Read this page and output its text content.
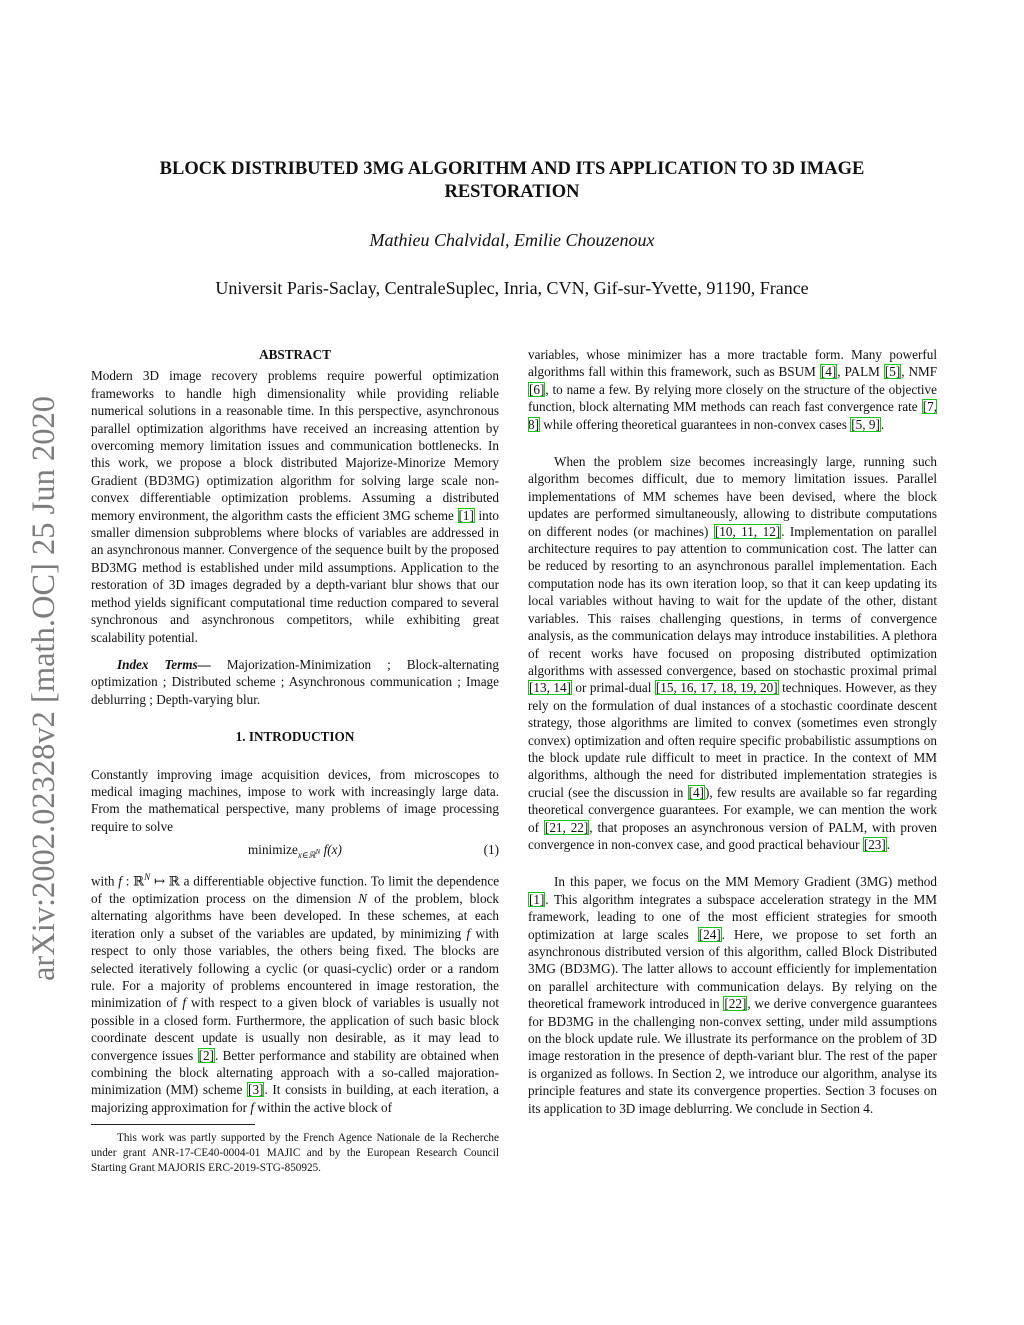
arXiv:2002.02328v2 [math.OC] 25 Jun 2020
BLOCK DISTRIBUTED 3MG ALGORITHM AND ITS APPLICATION TO 3D IMAGE RESTORATION
Mathieu Chalvidal, Emilie Chouzenoux
Universit Paris-Saclay, CentraleSuplec, Inria, CVN, Gif-sur-Yvette, 91190, France
ABSTRACT

Modern 3D image recovery problems require powerful optimization frameworks to handle high dimensionality while providing reliable numerical solutions in a reasonable time. In this perspective, asynchronous parallel optimization algorithms have received an increasing attention by overcoming memory limitation issues and communication bottlenecks. In this work, we propose a block distributed Majorize-Minorize Memory Gradient (BD3MG) optimization algorithm for solving large scale non-convex differentiable optimization problems. Assuming a distributed memory environment, the algorithm casts the efficient 3MG scheme [1] into smaller dimension subproblems where blocks of variables are addressed in an asynchronous manner. Convergence of the sequence built by the proposed BD3MG method is established under mild assumptions. Application to the restoration of 3D images degraded by a depth-variant blur shows that our method yields significant computational time reduction compared to several synchronous and asynchronous competitors, while exhibiting great scalability potential.

Index Terms— Majorization-Minimization ; Block-alternating optimization ; Distributed scheme ; Asynchronous communication ; Image deblurring ; Depth-varying blur.

1. INTRODUCTION

Constantly improving image acquisition devices, from microscopes to medical imaging machines, impose to work with increasingly large data. From the mathematical perspective, many problems of image processing require to solve

minimize$_{x\in ℝ^N}$ f(x)	(1)

with f : ℝ$^N$ ↦ ℝ a differentiable objective function. To limit the dependence of the optimization process on the dimension N of the problem, block alternating algorithms have been developed. In these schemes, at each iteration only a subset of the variables are updated, by minimizing f with respect to only those variables, the others being fixed. The blocks are selected iteratively following a cyclic (or quasi-cyclic) order or a random rule. For a majority of problems encountered in image restoration, the minimization of f with respect to a given block of variables is usually not possible in a closed form. Furthermore, the application of such basic block coordinate descent update is usually non desirable, as it may lead to convergence issues [2]. Better performance and stability are obtained when combining the block alternating approach with a so-called majoration-minimization (MM) scheme [3]. It consists in building, at each iteration, a majorizing approximation for f within the active block of

This work was partly supported by the French Agence Nationale de la Recherche under grant ANR-17-CE40-0004-01 MAJIC and by the European Research Council Starting Grant MAJORIS ERC-2019-STG-850925.

variables, whose minimizer has a more tractable form. Many powerful algorithms fall within this framework, such as BSUM [4], PALM [5], NMF [6], to name a few. By relying more closely on the structure of the objective function, block alternating MM methods can reach fast convergence rate [7, 8] while offering theoretical guarantees in non-convex cases [5, 9].

When the problem size becomes increasingly large, running such algorithm becomes difficult, due to memory limitation issues. Parallel implementations of MM schemes have been devised, where the block updates are performed simultaneously, allowing to distribute computations on different nodes (or machines) [10, 11, 12]. Implementation on parallel architecture requires to pay attention to communication cost. The latter can be reduced by resorting to an asynchronous parallel implementation. Each computation node has its own iteration loop, so that it can keep updating its local variables without having to wait for the update of the other, distant variables. This raises challenging questions, in terms of convergence analysis, as the communication delays may introduce instabilities. A plethora of recent works have focused on proposing distributed optimization algorithms with assessed convergence, based on stochastic proximal primal [13, 14] or primal-dual [15, 16, 17, 18, 19, 20] techniques. However, as they rely on the formulation of dual instances of a stochastic coordinate descent strategy, those algorithms are limited to convex (sometimes even strongly convex) optimization and often require specific probabilistic assumptions on the block update rule difficult to meet in practice. In the context of MM algorithms, although the need for distributed implementation strategies is crucial (see the discussion in [4]), few results are available so far regarding theoretical convergence guarantees. For example, we can mention the work of [21, 22], that proposes an asynchronous version of PALM, with proven convergence in non-convex case, and good practical behaviour [23].

In this paper, we focus on the MM Memory Gradient (3MG) method [1]. This algorithm integrates a subspace acceleration strategy in the MM framework, leading to one of the most efficient strategies for smooth optimization at large scales [24]. Here, we propose to set forth an asynchronous distributed version of this algorithm, called Block Distributed 3MG (BD3MG). The latter allows to account efficiently for implementation on parallel architecture with communication delays. By relying on the theoretical framework introduced in [22], we derive convergence guarantees for BD3MG in the challenging non-convex setting, under mild assumptions on the block update rule. We illustrate its performance on the problem of 3D image restoration in the presence of depth-variant blur. The rest of the paper is organized as follows. In Section 2, we introduce our algorithm, analyse its principle features and state its convergence properties. Section 3 focuses on its application to 3D image deblurring. We conclude in Section 4.
